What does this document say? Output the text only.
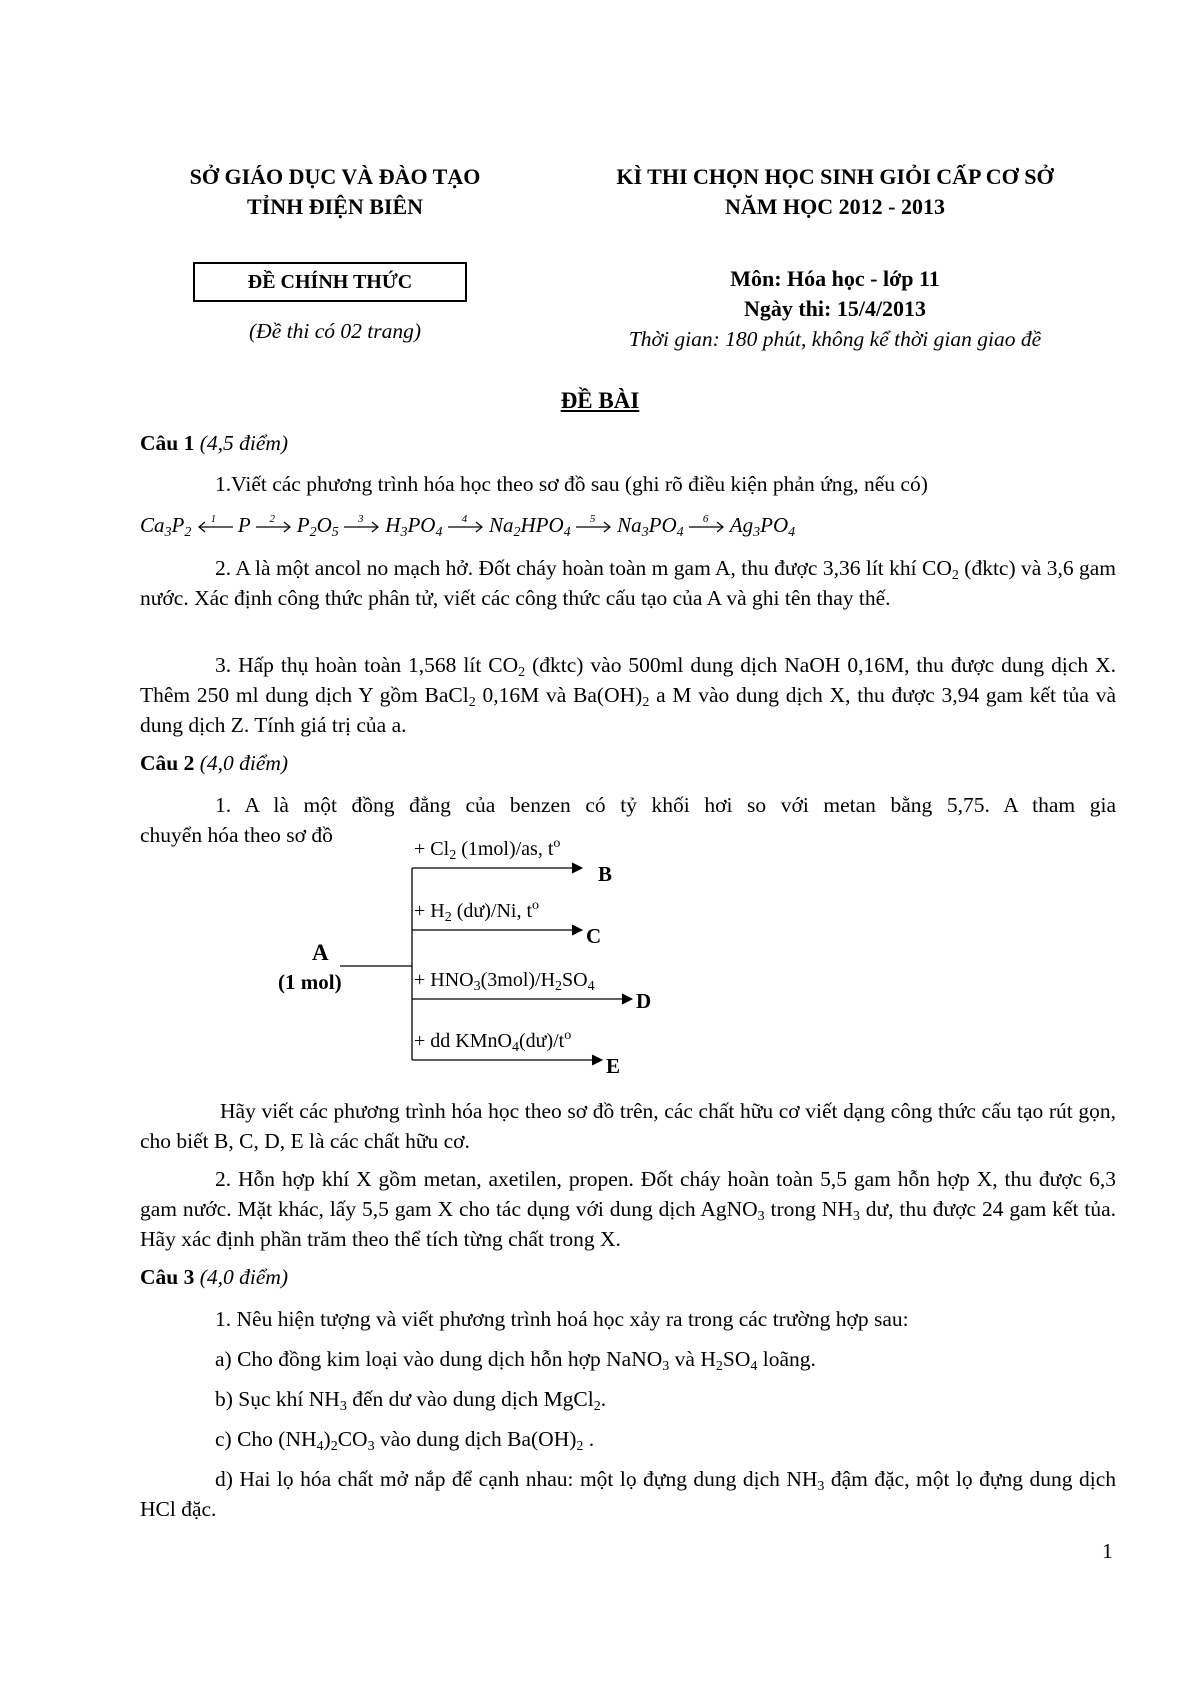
SỞ GIÁO DỤC VÀ ĐÀO TẠO
TỈNH ĐIỆN BIÊN
KÌ THI CHỌN HỌC SINH GIỎI CẤP CƠ SỞ
NĂM HỌC 2012 - 2013
ĐỀ CHÍNH THỨC
(Đề thi có 02 trang)
Môn: Hóa học - lớp 11
Ngày thi: 15/4/2013
Thời gian: 180 phút, không kể thời gian giao đề
ĐỀ BÀI
Câu 1 (4,5 điểm)
1.Viết các phương trình hóa học theo sơ đồ sau (ghi rõ điều kiện phản ứng, nếu có)
$Ca_3P_2$
1 P 2 $P_2O_5$
3 $H_3PO_4$
4 $Na_2HPO_4$
5 $Na_3PO_4$
6 $Ag_3PO_4$
2. A là một ancol no mạch hở. Đốt cháy hoàn toàn m gam A, thu được 3,36 lít khí $CO_2$ (đktc) và 3,6 gam nước. Xác định công thức phân tử, viết các công thức cấu tạo của A và ghi tên thay thế.
3. Hấp thụ hoàn toàn 1,568 lít $CO_2$ (đktc) vào 500ml dung dịch NaOH 0,16M, thu được dung dịch X. Thêm 250 ml dung dịch Y gồm BaCl$_2$ 0,16M và $Ba(OH)_2$ a M vào dung dịch X, thu được 3,94 gam kết tủa và dung dịch Z. Tính giá trị của a.
Câu 2 (4,0 điểm)
1. A là một đồng đẳng của benzen có tỷ khối hơi so với metan bằng 5,75. A tham gia
chuyển hóa theo sơ đồ
A
(1 mol)
+ $Cl_2$ (1mol)/as, $t^o$
B
+ $H_2$ (dư)/Ni, $t^o$
C
+ $HNO_3(3mol)/H_2SO_4$
D
+ dd $KMnO_4(dư)/t^o$
E
Hãy viết các phương trình hóa học theo sơ đồ trên, các chất hữu cơ viết dạng công thức cấu tạo rút gọn, cho biết B, C, D, E là các chất hữu cơ.
2. Hỗn hợp khí X gồm metan, axetilen, propen. Đốt cháy hoàn toàn 5,5 gam hỗn hợp X, thu được 6,3 gam nước. Mặt khác, lấy 5,5 gam X cho tác dụng với dung dịch AgNO$_3$ trong $NH_3$ dư, thu được 24 gam kết tủa. Hãy xác định phần trăm theo thể tích từng chất trong X.
Câu 3 (4,0 điểm)
1. Nêu hiện tượng và viết phương trình hoá học xảy ra trong các trường hợp sau:
a) Cho đồng kim loại vào dung dịch hỗn hợp NaNO$_3$ và $H_2SO_4$ loãng.
b) Sục khí $NH_3$ đến dư vào dung dịch MgCl$_2$.
c) Cho $(NH_4)_2CO_3$ vào dung dịch $Ba(OH)_2$ .
d) Hai lọ hóa chất mở nắp để cạnh nhau: một lọ đựng dung dịch $NH_3$ đậm đặc, một lọ đựng dung dịch HCl đặc.
1
